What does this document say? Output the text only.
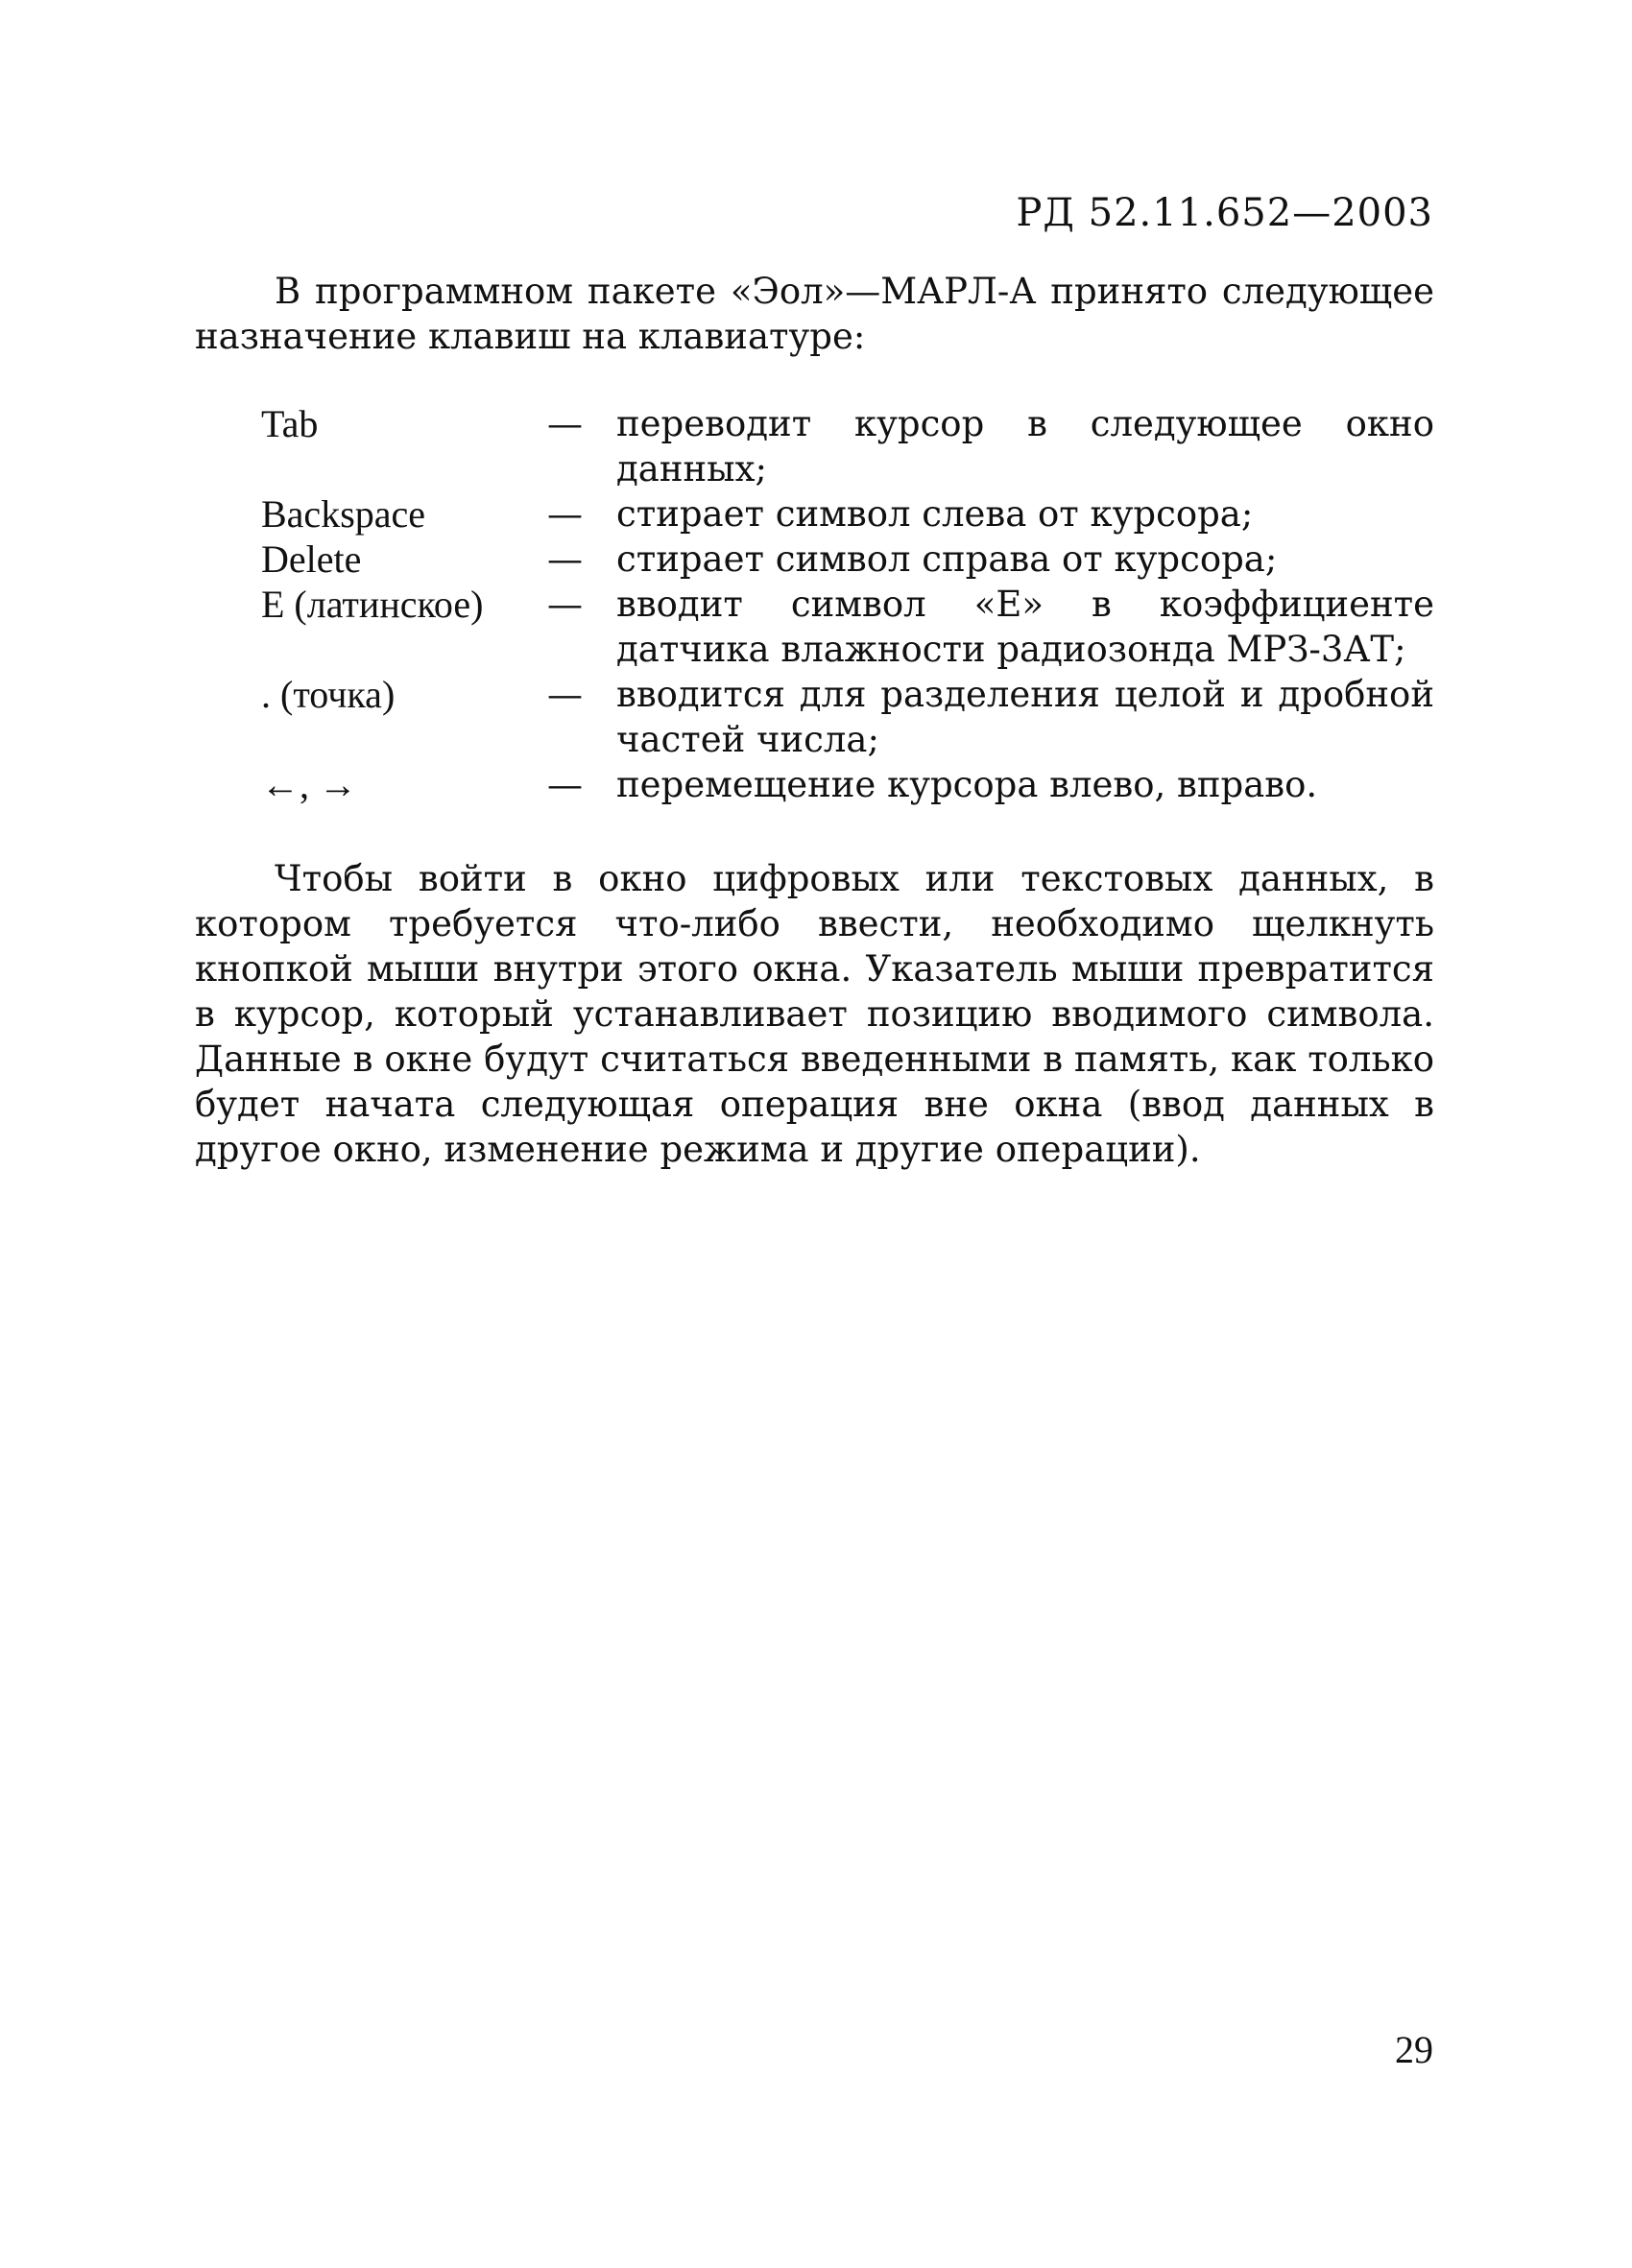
РД 52.11.652—2003

В программном пакете «Эол»—МАРЛ-А принято следующее назначение клавиш на клавиатуре:

Tab	— переводит курсор в следующее окно данных;
Backspace	— стирает символ слева от курсора;
Delete	— стирает символ справа от курсора;
E (латинское)	— вводит символ «E» в коэффициенте датчика влажности радиозонда МРЗ-3АТ;
. (точка)	— вводится для разделения целой и дробной частей числа;
←, →	— перемещение курсора влево, вправо.

Чтобы войти в окно цифровых или текстовых данных, в котором требуется что-либо ввести, необходимо щелкнуть кнопкой мыши внутри этого окна. Указатель мыши превратится в курсор, который устанавливает позицию вводимого символа. Данные в окне будут считаться введенными в память, как только будет начата следующая операция вне окна (ввод данных в другое окно, изменение режима и другие операции).

29
